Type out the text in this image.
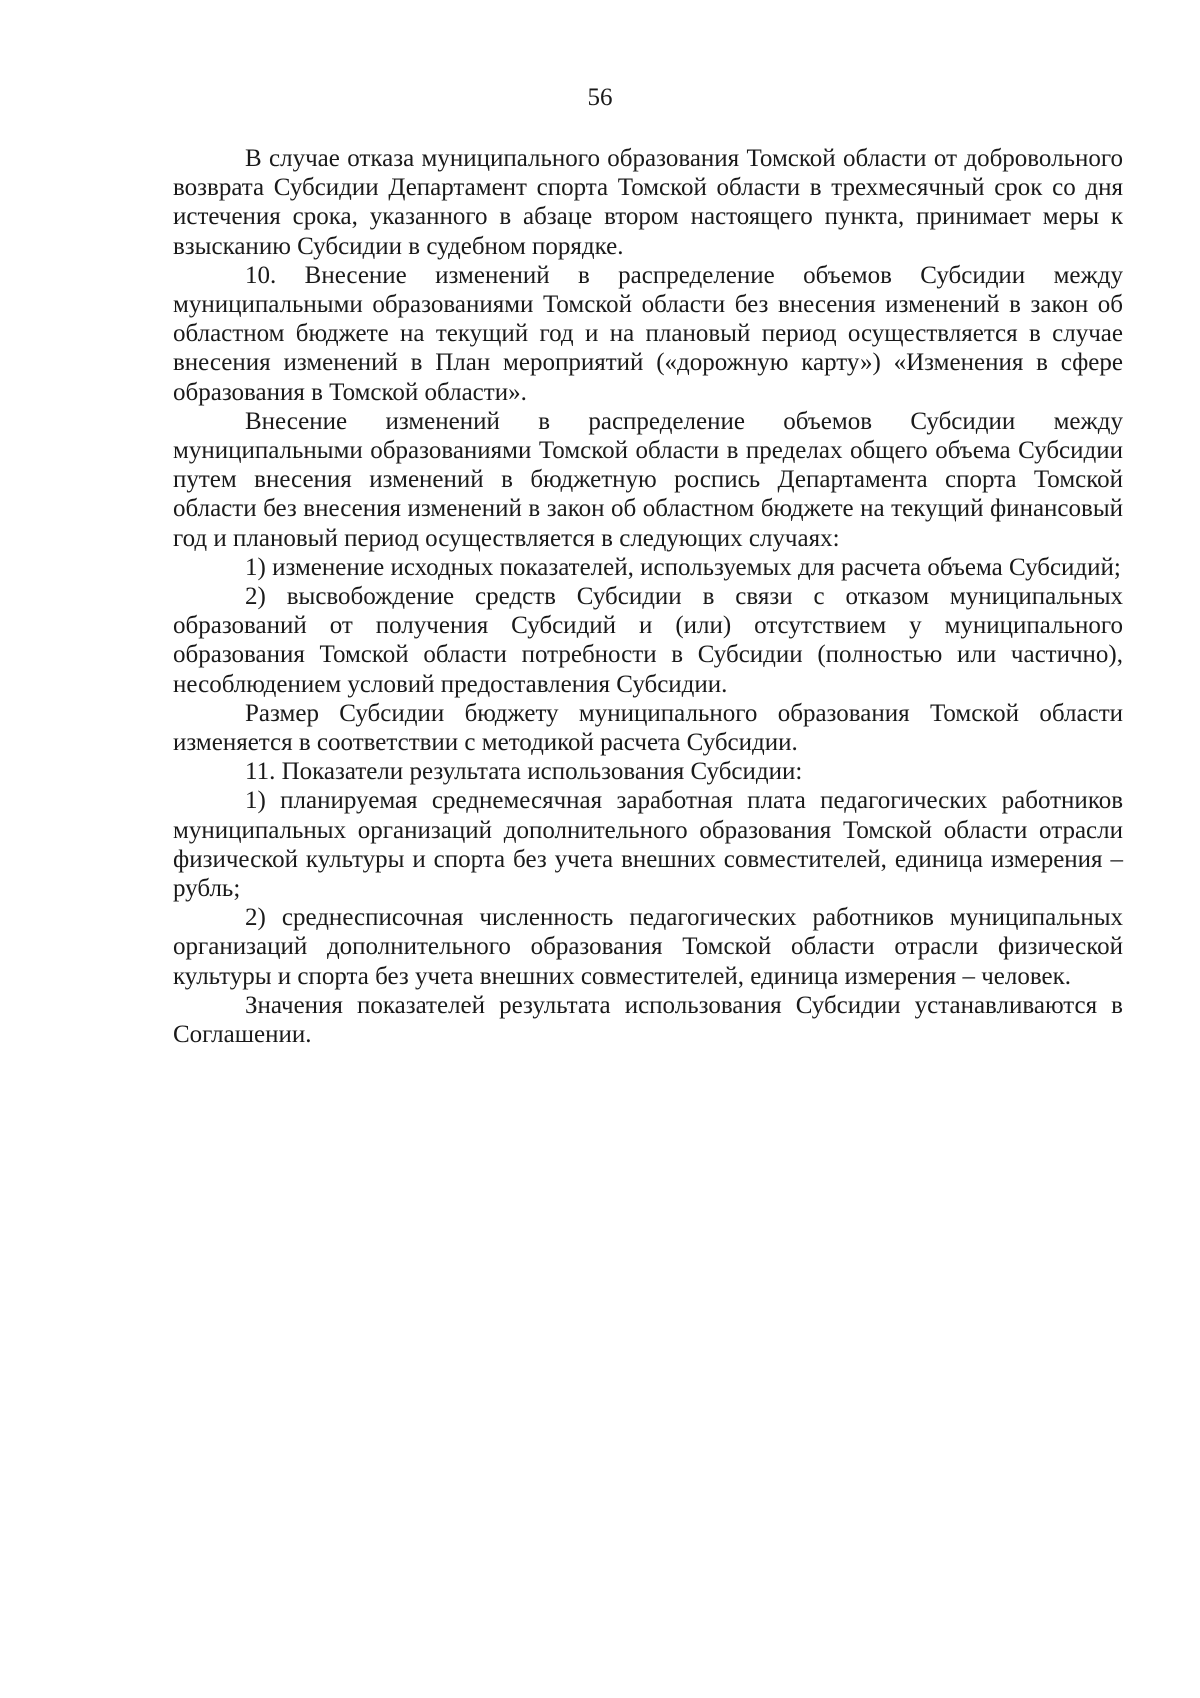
56

В случае отказа муниципального образования Томской области от добровольного возврата Субсидии Департамент спорта Томской области в трехмесячный срок со дня истечения срока, указанного в абзаце втором настоящего пункта, принимает меры к взысканию Субсидии в судебном порядке.

10. Внесение изменений в распределение объемов Субсидии между муниципальными образованиями Томской области без внесения изменений в закон об областном бюджете на текущий год и на плановый период осуществляется в случае внесения изменений в План мероприятий («дорожную карту») «Изменения в сфере образования в Томской области».

Внесение изменений в распределение объемов Субсидии между муниципальными образованиями Томской области в пределах общего объема Субсидии путем внесения изменений в бюджетную роспись Департамента спорта Томской области без внесения изменений в закон об областном бюджете на текущий финансовый год и плановый период осуществляется в следующих случаях:

1) изменение исходных показателей, используемых для расчета объема Субсидий;

2) высвобождение средств Субсидии в связи с отказом муниципальных образований от получения Субсидий и (или) отсутствием у муниципального образования Томской области потребности в Субсидии (полностью или частично), несоблюдением условий предоставления Субсидии.

Размер Субсидии бюджету муниципального образования Томской области изменяется в соответствии с методикой расчета Субсидии.

11. Показатели результата использования Субсидии:

1) планируемая среднемесячная заработная плата педагогических работников муниципальных организаций дополнительного образования Томской области отрасли физической культуры и спорта без учета внешних совместителей, единица измерения – рубль;

2) среднесписочная численность педагогических работников муниципальных организаций дополнительного образования Томской области отрасли физической культуры и спорта без учета внешних совместителей, единица измерения – человек.

Значения показателей результата использования Субсидии устанавливаются в Соглашении.
